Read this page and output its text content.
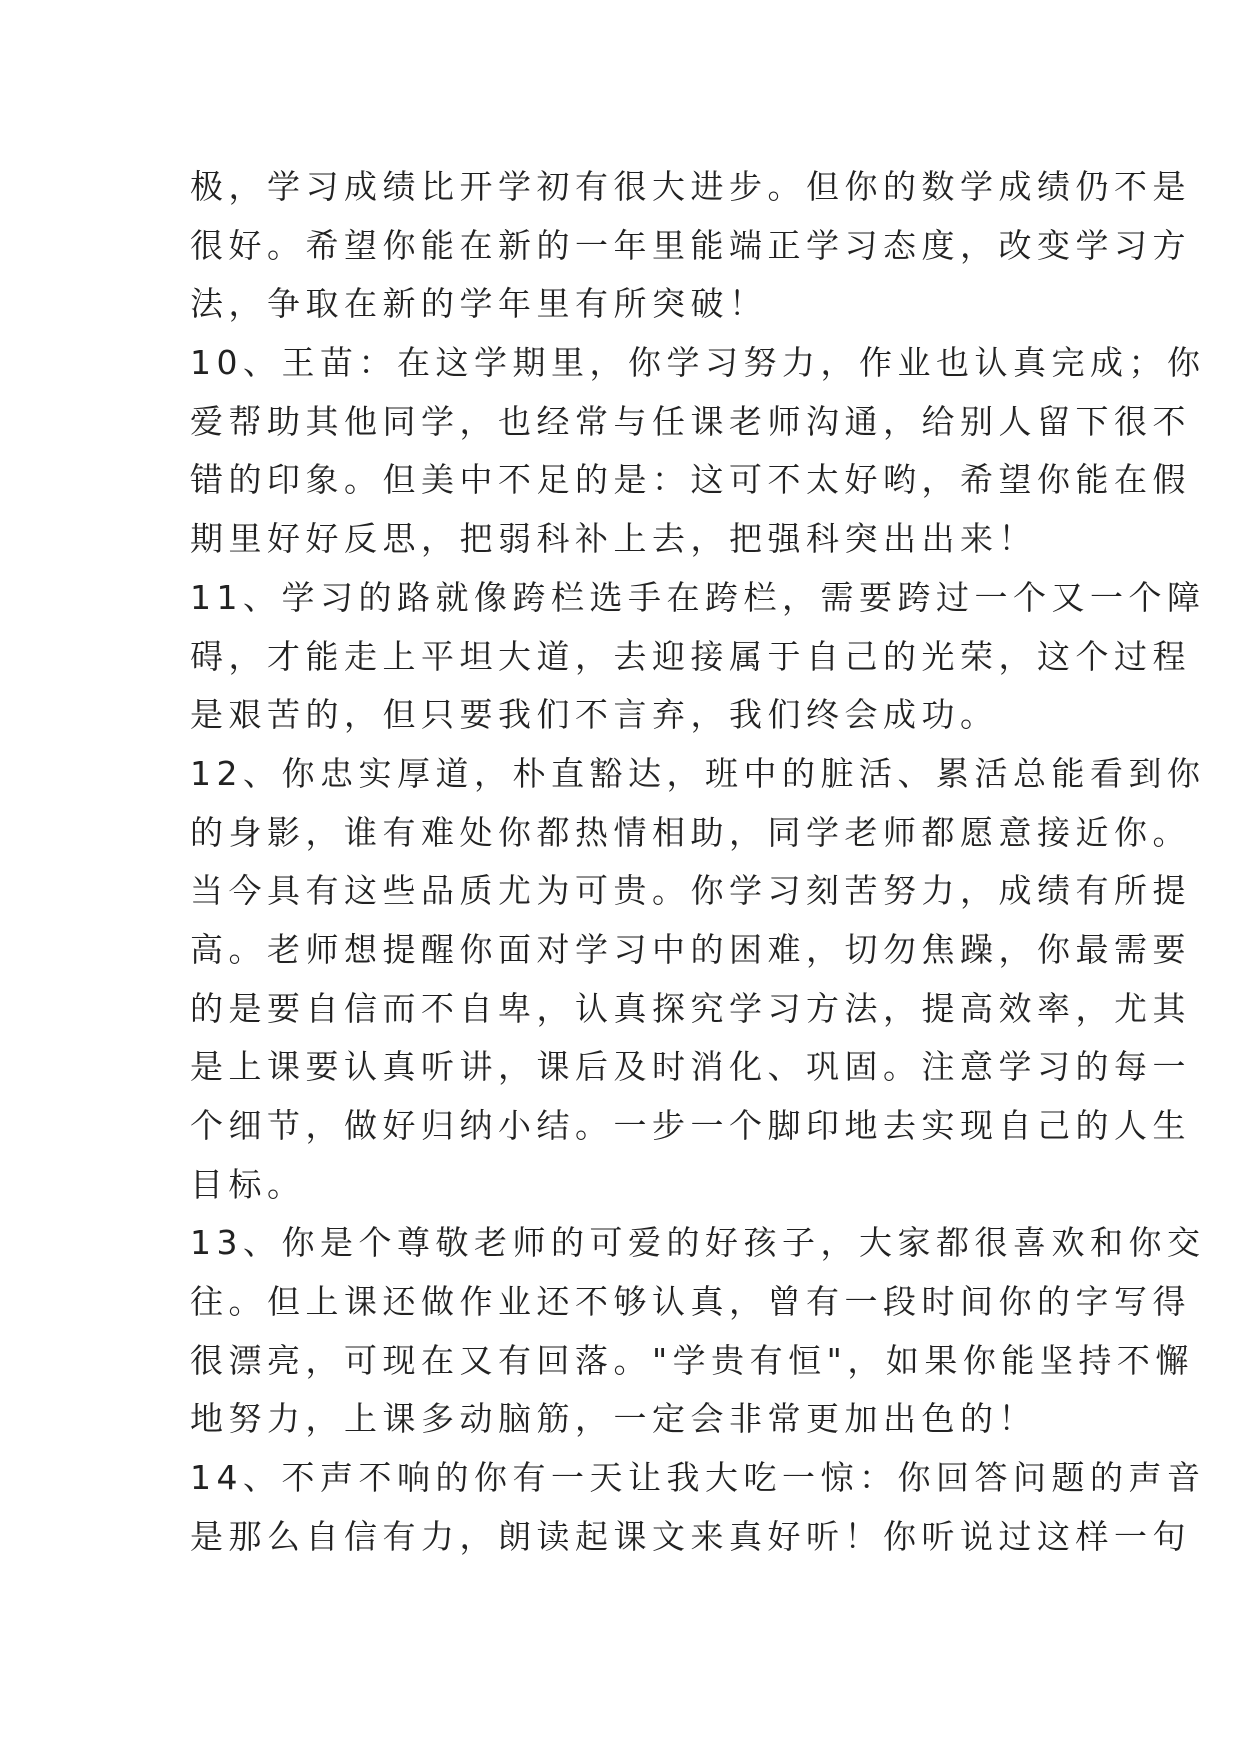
极，学习成绩比开学初有很大进步。但你的数学成绩仍不是
很好。希望你能在新的一年里能端正学习态度，改变学习方
法，争取在新的学年里有所突破！
10、王苗：在这学期里，你学习努力，作业也认真完成；你
爱帮助其他同学，也经常与任课老师沟通，给别人留下很不
错的印象。但美中不足的是：这可不太好哟，希望你能在假
期里好好反思，把弱科补上去，把强科突出出来！
11、学习的路就像跨栏选手在跨栏，需要跨过一个又一个障
碍，才能走上平坦大道，去迎接属于自己的光荣，这个过程
是艰苦的，但只要我们不言弃，我们终会成功。
12、你忠实厚道，朴直豁达，班中的脏活、累活总能看到你
的身影，谁有难处你都热情相助，同学老师都愿意接近你。
当今具有这些品质尤为可贵。你学习刻苦努力，成绩有所提
高。老师想提醒你面对学习中的困难，切勿焦躁，你最需要
的是要自信而不自卑，认真探究学习方法，提高效率，尤其
是上课要认真听讲，课后及时消化、巩固。注意学习的每一
个细节，做好归纳小结。一步一个脚印地去实现自己的人生
目标。
13、你是个尊敬老师的可爱的好孩子，大家都很喜欢和你交
往。但上课还做作业还不够认真，曾有一段时间你的字写得
很漂亮，可现在又有回落。"学贵有恒"，如果你能坚持不懈
地努力，上课多动脑筋，一定会非常更加出色的！
14、不声不响的你有一天让我大吃一惊：你回答问题的声音
是那么自信有力，朗读起课文来真好听！你听说过这样一句
